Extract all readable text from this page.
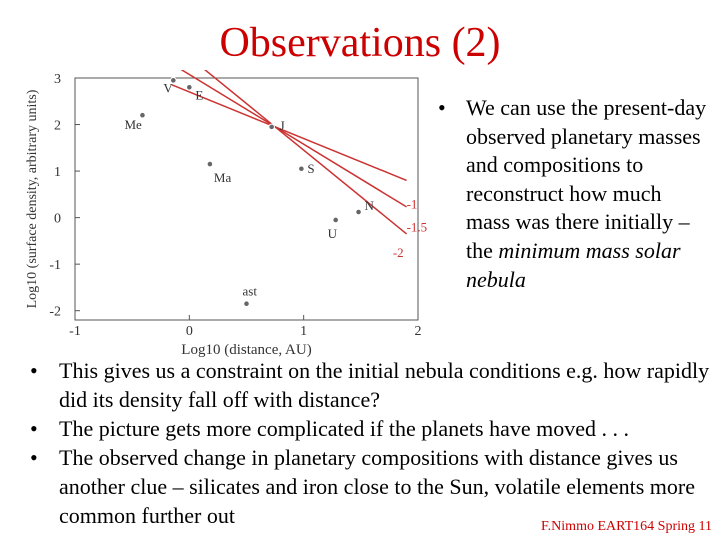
Observations (2)
-1	0	1	2
-2
-1
0
1
2
3
Log10 (distance, AU)
Log10 (surface density, arbitrary units)	-1
-1.5
-2
V E
Me
Ma
J
S
U
N
ast
• We can use the present-day observed planetary masses and compositions to reconstruct how much mass was there initially – the minimum mass solar nebula
• This gives us a constraint on the initial nebula conditions e.g. how rapidly did its density fall off with distance?
• The picture gets more complicated if the planets have moved . . .
• The observed change in planetary compositions with distance gives us another clue – silicates and iron close to the Sun, volatile elements more common further out	F.Nimmo EART164 Spring 11
